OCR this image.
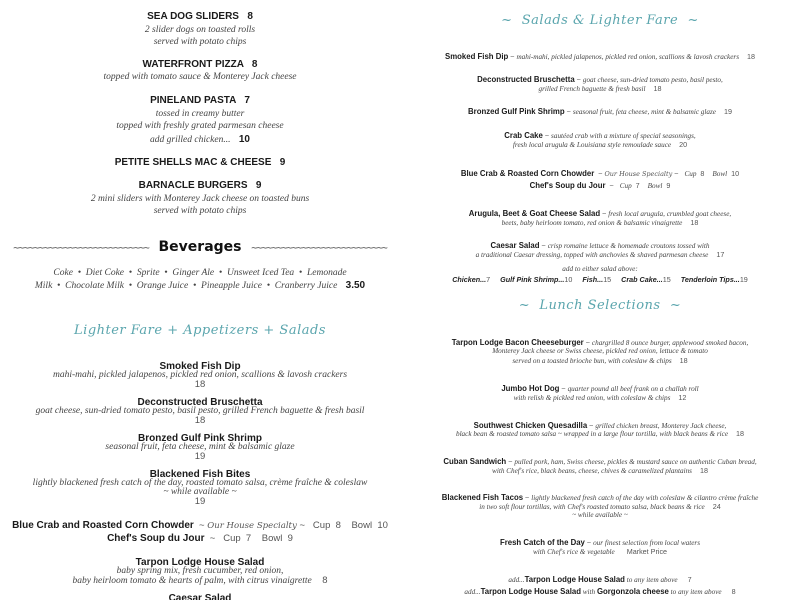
SEA DOG SLIDERS   8
2 slider dogs on toasted rolls
served with potato chips
WATERFRONT PIZZA   8
topped with tomato sauce & Monterey Jack cheese
PINELAND PASTA   7
tossed in creamy butter
topped with freshly grated parmesan cheese
add grilled chicken...   10
PETITE SHELLS MAC & CHEESE   9
BARNACLE BURGERS   9
2 mini sliders with Monterey Jack cheese on toasted buns
served with potato chips
~~~~~~~~~~~~~~~~~~~~~~~~~~~  Beverages  ~~~~~~~~~~~~~~~~~~~~~~~~~~~
Coke  •  Diet Coke  •  Sprite  •  Ginger Ale  •  Unsweet Iced Tea  •  Lemonade
Milk  •  Chocolate Milk  •  Orange Juice  •  Pineapple Juice  •  Cranberry Juice   3.50
Lighter Fare + Appetizers + Salads
Smoked Fish Dip
mahi-mahi, pickled jalapenos, pickled red onion, scallions & lavosh crackers
18
Deconstructed Bruschetta
goat cheese, sun-dried tomato pesto, basil pesto, grilled French baguette & fresh basil
18
Bronzed Gulf Pink Shrimp
seasonal fruit, feta cheese, mint & balsamic glaze
19
Blackened Fish Bites
lightly blackened fresh catch of the day, roasted tomato salsa, crème fraîche & coleslaw
~ while available ~
19
Blue Crab and Roasted Corn Chowder  ~ Our House Specialty ~   Cup  8    Bowl  10
Chef's Soup du Jour  ~   Cup  7    Bowl  9
Tarpon Lodge House Salad
baby spring mix, fresh cucumber, red onion,
baby heirloom tomato & hearts of palm, with citrus vinaigrette    8
Caesar Salad
~  Salads & Lighter Fare  ~
Smoked Fish Dip ~ mahi-mahi, pickled jalapenos, pickled red onion, scallions & lavosh crackers    18
Deconstructed Bruschetta ~ goat cheese, sun-dried tomato pesto, basil pesto,
grilled French baguette & fresh basil    18
Bronzed Gulf Pink Shrimp ~ seasonal fruit, feta cheese, mint & balsamic glaze    19
Crab Cake ~ sautéed crab with a mixture of special seasonings,
fresh local arugula & Louisiana style remoulade sauce    20
Blue Crab & Roasted Corn Chowder  ~ Our House Specialty ~   Cup  8    Bowl  10
Chef's Soup du Jour  ~   Cup  7    Bowl  9
Arugula, Beet & Goat Cheese Salad ~ fresh local arugula, crumbled goat cheese,
beets, baby heirloom tomato, red onion & balsamic vinaigrette    18
Caesar Salad ~ crisp romaine lettuce & homemade croutons tossed with
a traditional Caesar dressing, topped with anchovies & shaved parmesan cheese    17
add to either salad above:
Chicken...7     Gulf Pink Shrimp...10     Fish...15     Crab Cake...15     Tenderloin Tips...19
~  Lunch Selections  ~
Tarpon Lodge Bacon Cheeseburger ~ chargrilled 8 ounce burger, applewood smoked bacon,
Monterey Jack cheese or Swiss cheese, pickled red onion, lettuce & tomato
served on a toasted brioche bun, with coleslaw & chips    18
Jumbo Hot Dog ~ quarter pound all beef frank on a challah roll
with relish & pickled red onion, with coleslaw & chips    12
Southwest Chicken Quesadilla ~ grilled chicken breast, Monterey Jack cheese,
black bean & roasted tomato salsa ~ wrapped in a large flour tortilla, with black beans & rice    18
Cuban Sandwich ~ pulled pork, ham, Swiss cheese, pickles & mustard sauce on authentic Cuban bread,
with Chef's rice, black beans, cheese, chives & caramelized plantains    18
Blackened Fish Tacos ~ lightly blackened fresh catch of the day with coleslaw & cilantro crème fraîche
in two soft flour tortillas, with Chef's roasted tomato salsa, black beans & rice    24
~ while available ~
Fresh Catch of the Day ~ our finest selection from local waters
with Chef's rice & vegetable      Market Price
add...Tarpon Lodge House Salad to any item above     7
add...Tarpon Lodge House Salad with Gorgonzola cheese to any item above     8
